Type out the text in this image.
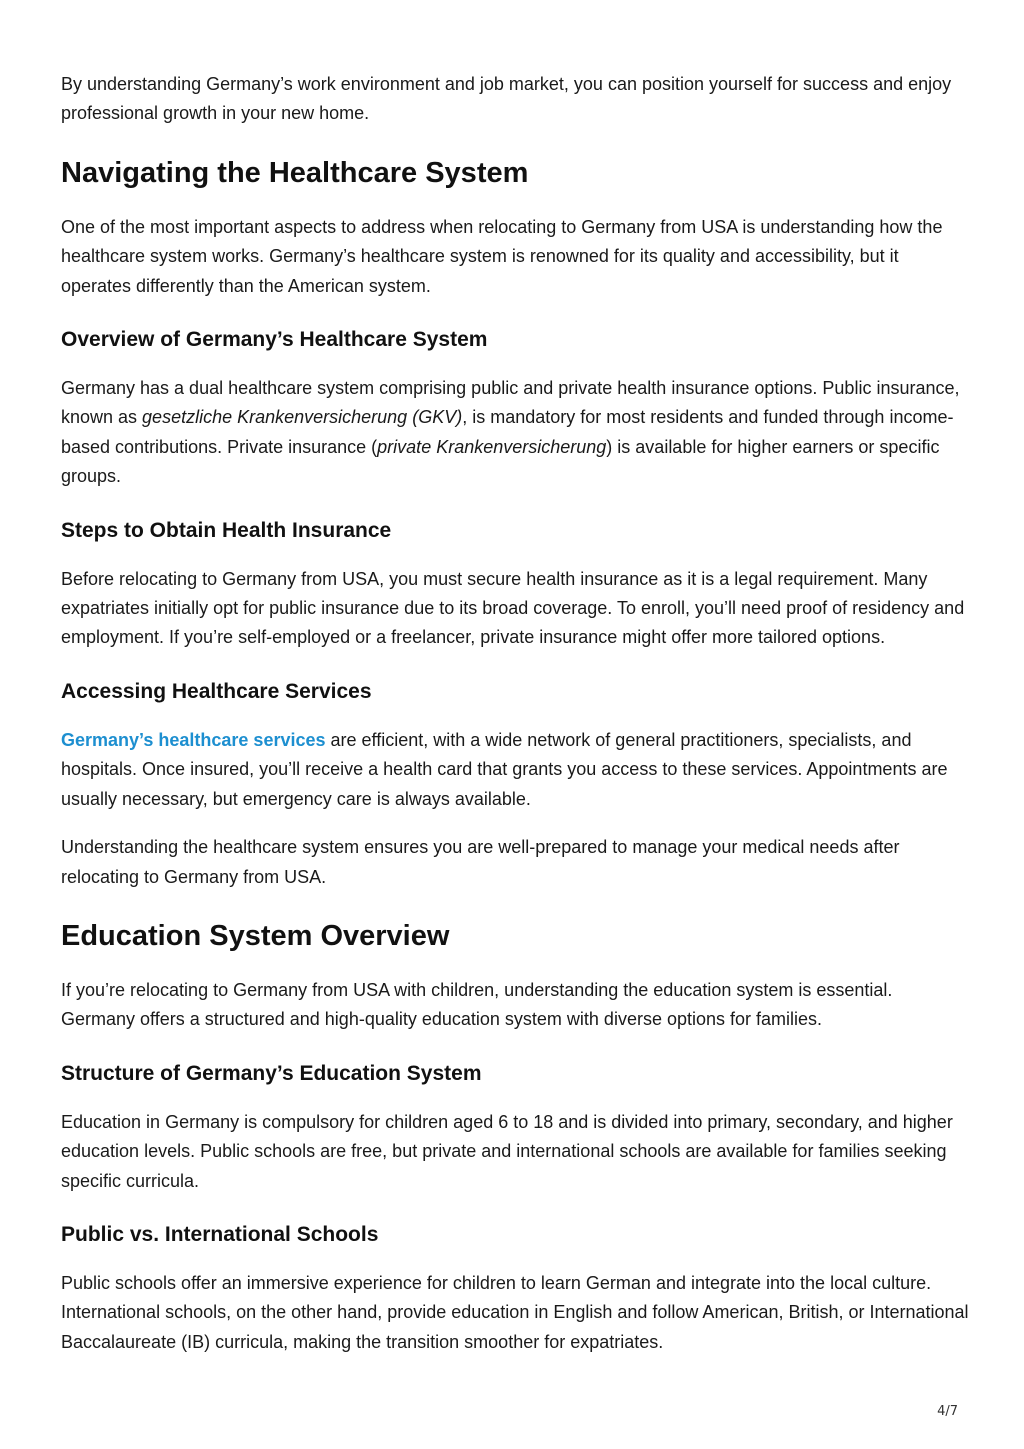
By understanding Germany’s work environment and job market, you can position yourself for success and enjoy professional growth in your new home.

Navigating the Healthcare System

One of the most important aspects to address when relocating to Germany from USA is understanding how the healthcare system works. Germany’s healthcare system is renowned for its quality and accessibility, but it operates differently than the American system.

Overview of Germany’s Healthcare System

Germany has a dual healthcare system comprising public and private health insurance options. Public insurance, known as gesetzliche Krankenversicherung (GKV), is mandatory for most residents and funded through income-based contributions. Private insurance (private Krankenversicherung) is available for higher earners or specific groups.

Steps to Obtain Health Insurance

Before relocating to Germany from USA, you must secure health insurance as it is a legal requirement. Many expatriates initially opt for public insurance due to its broad coverage. To enroll, you’ll need proof of residency and employment. If you’re self-employed or a freelancer, private insurance might offer more tailored options.

Accessing Healthcare Services

Germany’s healthcare services are efficient, with a wide network of general practitioners, specialists, and hospitals. Once insured, you’ll receive a health card that grants you access to these services. Appointments are usually necessary, but emergency care is always available.

Understanding the healthcare system ensures you are well-prepared to manage your medical needs after relocating to Germany from USA.

Education System Overview

If you’re relocating to Germany from USA with children, understanding the education system is essential. Germany offers a structured and high-quality education system with diverse options for families.

Structure of Germany’s Education System

Education in Germany is compulsory for children aged 6 to 18 and is divided into primary, secondary, and higher education levels. Public schools are free, but private and international schools are available for families seeking specific curricula.

Public vs. International Schools

Public schools offer an immersive experience for children to learn German and integrate into the local culture. International schools, on the other hand, provide education in English and follow American, British, or International Baccalaureate (IB) curricula, making the transition smoother for expatriates.

4/7
